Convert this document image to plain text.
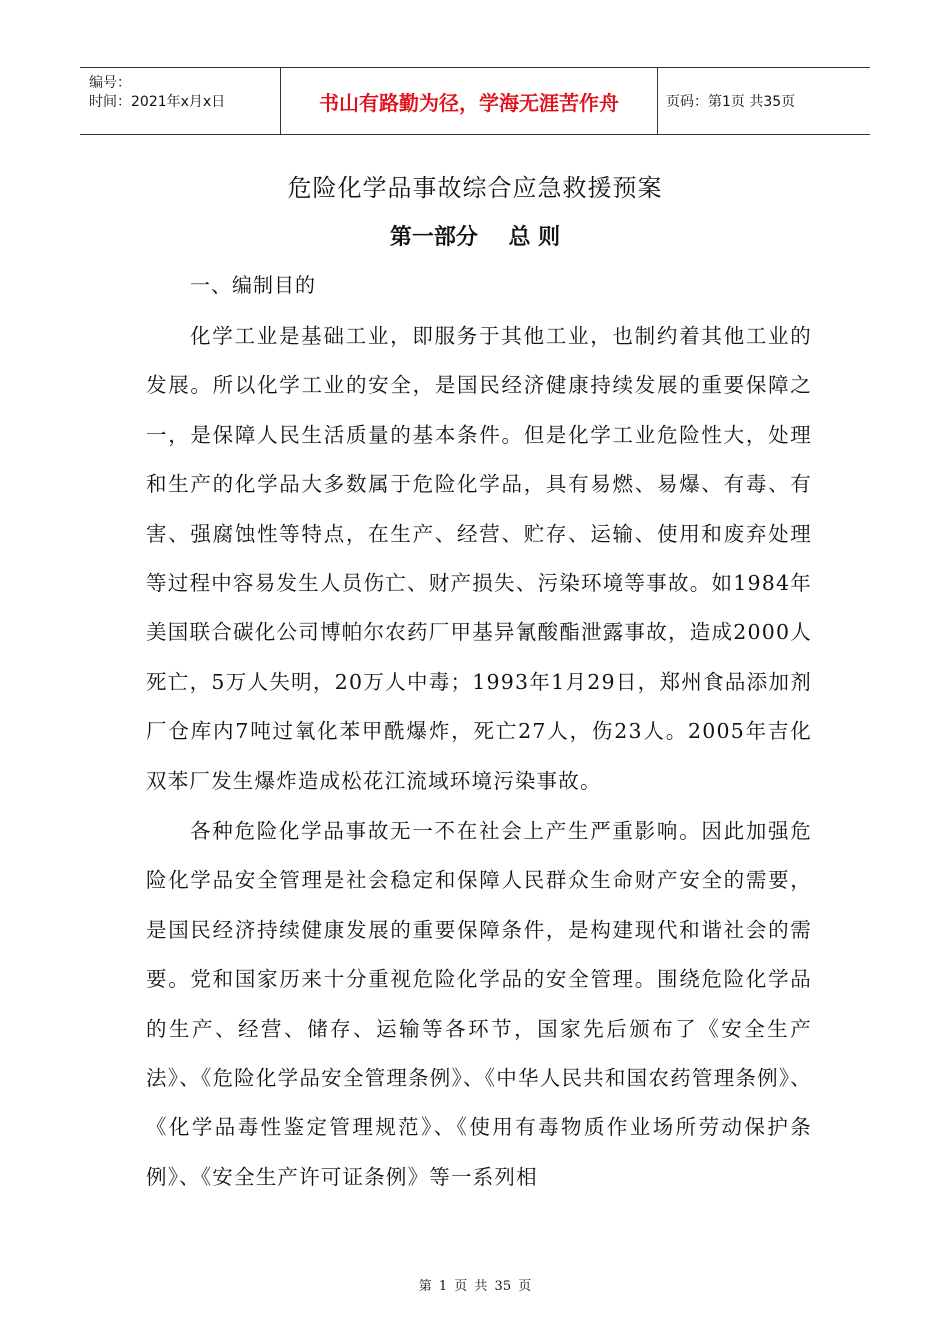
编号：
时间：2021年x月x日	书山有路勤为径，学海无涯苦作舟	页码：第1页 共35页
危险化学品事故综合应急救援预案
第一部分    总 则
一、编制目的

化学工业是基础工业，即服务于其他工业，也制约着其他工业的发展。所以化学工业的安全，是国民经济健康持续发展的重要保障之一，是保障人民生活质量的基本条件。但是化学工业危险性大，处理和生产的化学品大多数属于危险化学品，具有易燃、易爆、有毒、有害、强腐蚀性等特点，在生产、经营、贮存、运输、使用和废弃处理等过程中容易发生人员伤亡、财产损失、污染环境等事故。如1984年美国联合碳化公司博帕尔农药厂甲基异氰酸酯泄露事故，造成2000人死亡，5万人失明，20万人中毒；1993年1月29日，郑州食品添加剂厂仓库内7吨过氧化苯甲酰爆炸，死亡27人，伤23人。2005年吉化双苯厂发生爆炸造成松花江流域环境污染事故。

各种危险化学品事故无一不在社会上产生严重影响。因此加强危险化学品安全管理是社会稳定和保障人民群众生命财产安全的需要，是国民经济持续健康发展的重要保障条件，是构建现代和谐社会的需要。党和国家历来十分重视危险化学品的安全管理。围绕危险化学品的生产、经营、储存、运输等各环节，国家先后颁布了《安全生产法》、《危险化学品安全管理条例》、《中华人民共和国农药管理条例》、《化学品毒性鉴定管理规范》、《使用有毒物质作业场所劳动保护条例》、《安全生产许可证条例》等一系列相

第 1 页 共 35 页
